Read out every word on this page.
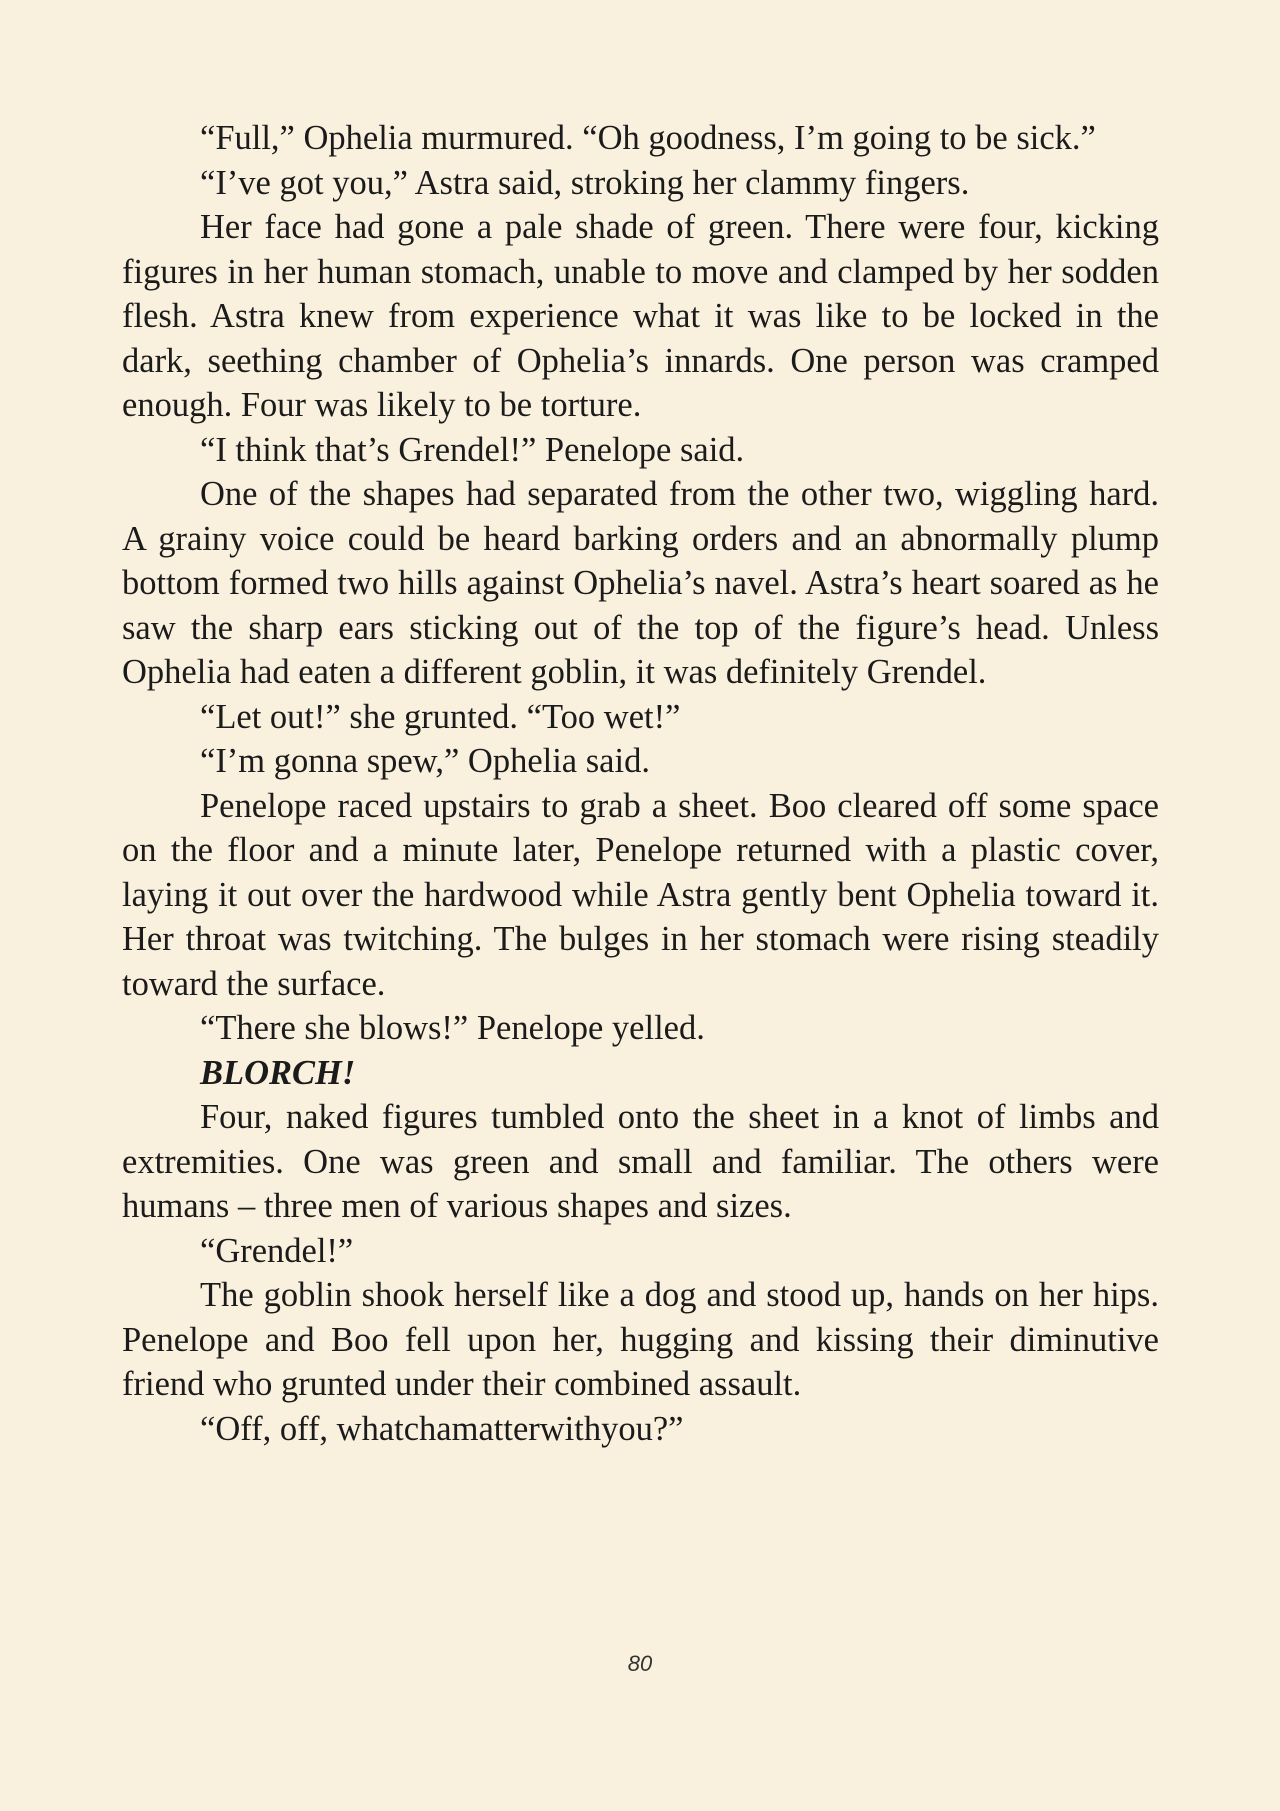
“Full,” Ophelia murmured. “Oh goodness, I’m going to be sick.”

“I’ve got you,” Astra said, stroking her clammy fingers.

Her face had gone a pale shade of green. There were four, kicking figures in her human stomach, unable to move and clamped by her sodden flesh. Astra knew from experience what it was like to be locked in the dark, seething chamber of Ophelia’s innards. One person was cramped enough. Four was likely to be torture.

“I think that’s Grendel!” Penelope said.

One of the shapes had separated from the other two, wiggling hard. A grainy voice could be heard barking orders and an abnormally plump bottom formed two hills against Ophelia’s navel. Astra’s heart soared as he saw the sharp ears sticking out of the top of the figure’s head. Unless Ophelia had eaten a different goblin, it was definitely Grendel.

“Let out!” she grunted. “Too wet!”

“I’m gonna spew,” Ophelia said.

Penelope raced upstairs to grab a sheet. Boo cleared off some space on the floor and a minute later, Penelope returned with a plastic cover, laying it out over the hardwood while Astra gently bent Ophelia toward it. Her throat was twitching. The bulges in her stomach were rising steadily toward the surface.

“There she blows!” Penelope yelled.

BLORCH!

Four, naked figures tumbled onto the sheet in a knot of limbs and extremities. One was green and small and familiar. The others were humans – three men of various shapes and sizes.

“Grendel!”

The goblin shook herself like a dog and stood up, hands on her hips. Penelope and Boo fell upon her, hugging and kissing their diminutive friend who grunted under their combined assault.

“Off, off, whatchamatterwithyou?”

80
